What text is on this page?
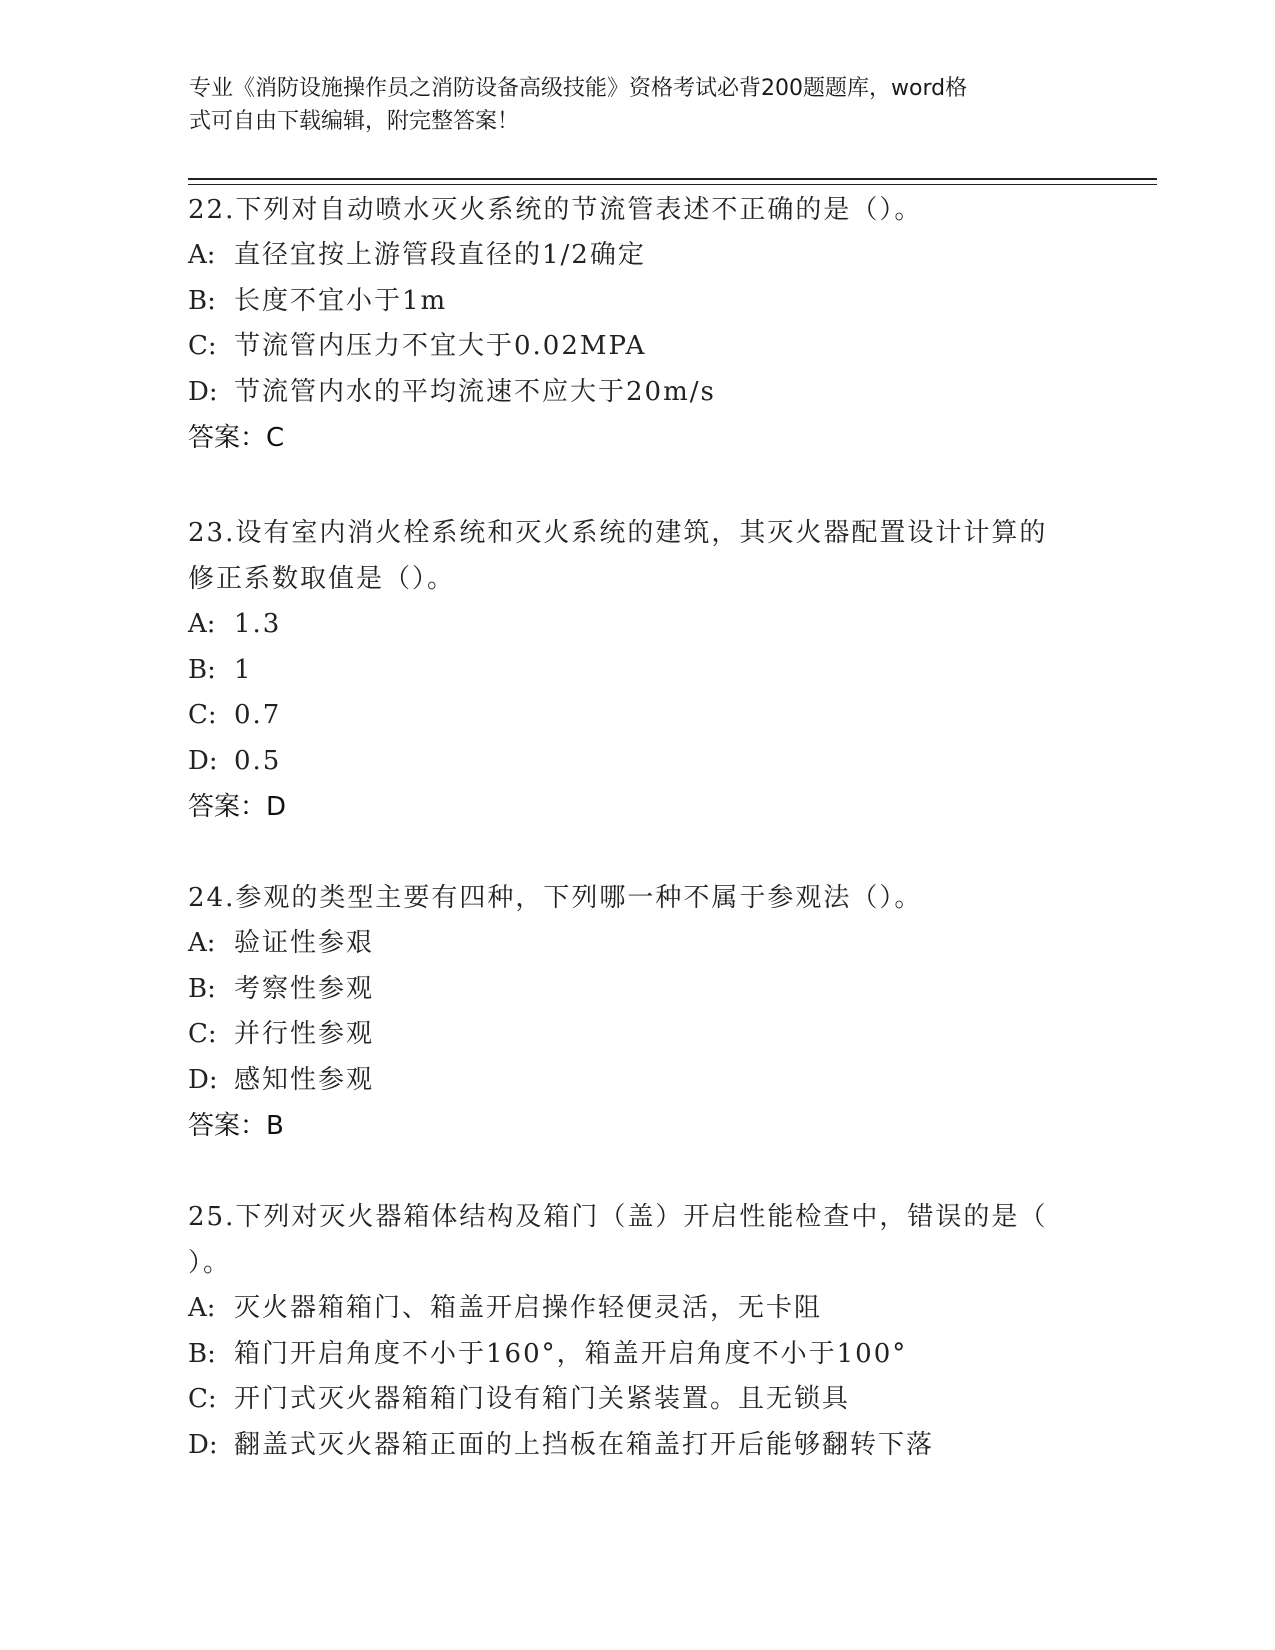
专业《消防设施操作员之消防设备高级技能》资格考试必背200题题库，word格
式可自由下载编辑，附完整答案！

22.下列对自动喷水灭火系统的节流管表述不正确的是（）。

A: 直径宜按上游管段直径的1/2确定

B: 长度不宜小于1m

C: 节流管内压力不宜大于0.02MPA

D: 节流管内水的平均流速不应大于20m/s

答案：C

23.设有室内消火栓系统和灭火系统的建筑，其灭火器配置设计计算的

修正系数取值是（）。

A: 1.3

B: 1

C: 0.7

D: 0.5

答案：D

24.参观的类型主要有四种，下列哪一种不属于参观法（）。

A: 验证性参艰

B: 考察性参观

C: 并行性参观

D: 感知性参观

答案：B

25.下列对灭火器箱体结构及箱门（盖）开启性能检查中，错误的是（

）。

A: 灭火器箱箱门、箱盖开启操作轻便灵活，无卡阻

B: 箱门开启角度不小于160°，箱盖开启角度不小于100°

C: 开门式灭火器箱箱门设有箱门关紧装置。且无锁具

D: 翻盖式灭火器箱正面的上挡板在箱盖打开后能够翻转下落
